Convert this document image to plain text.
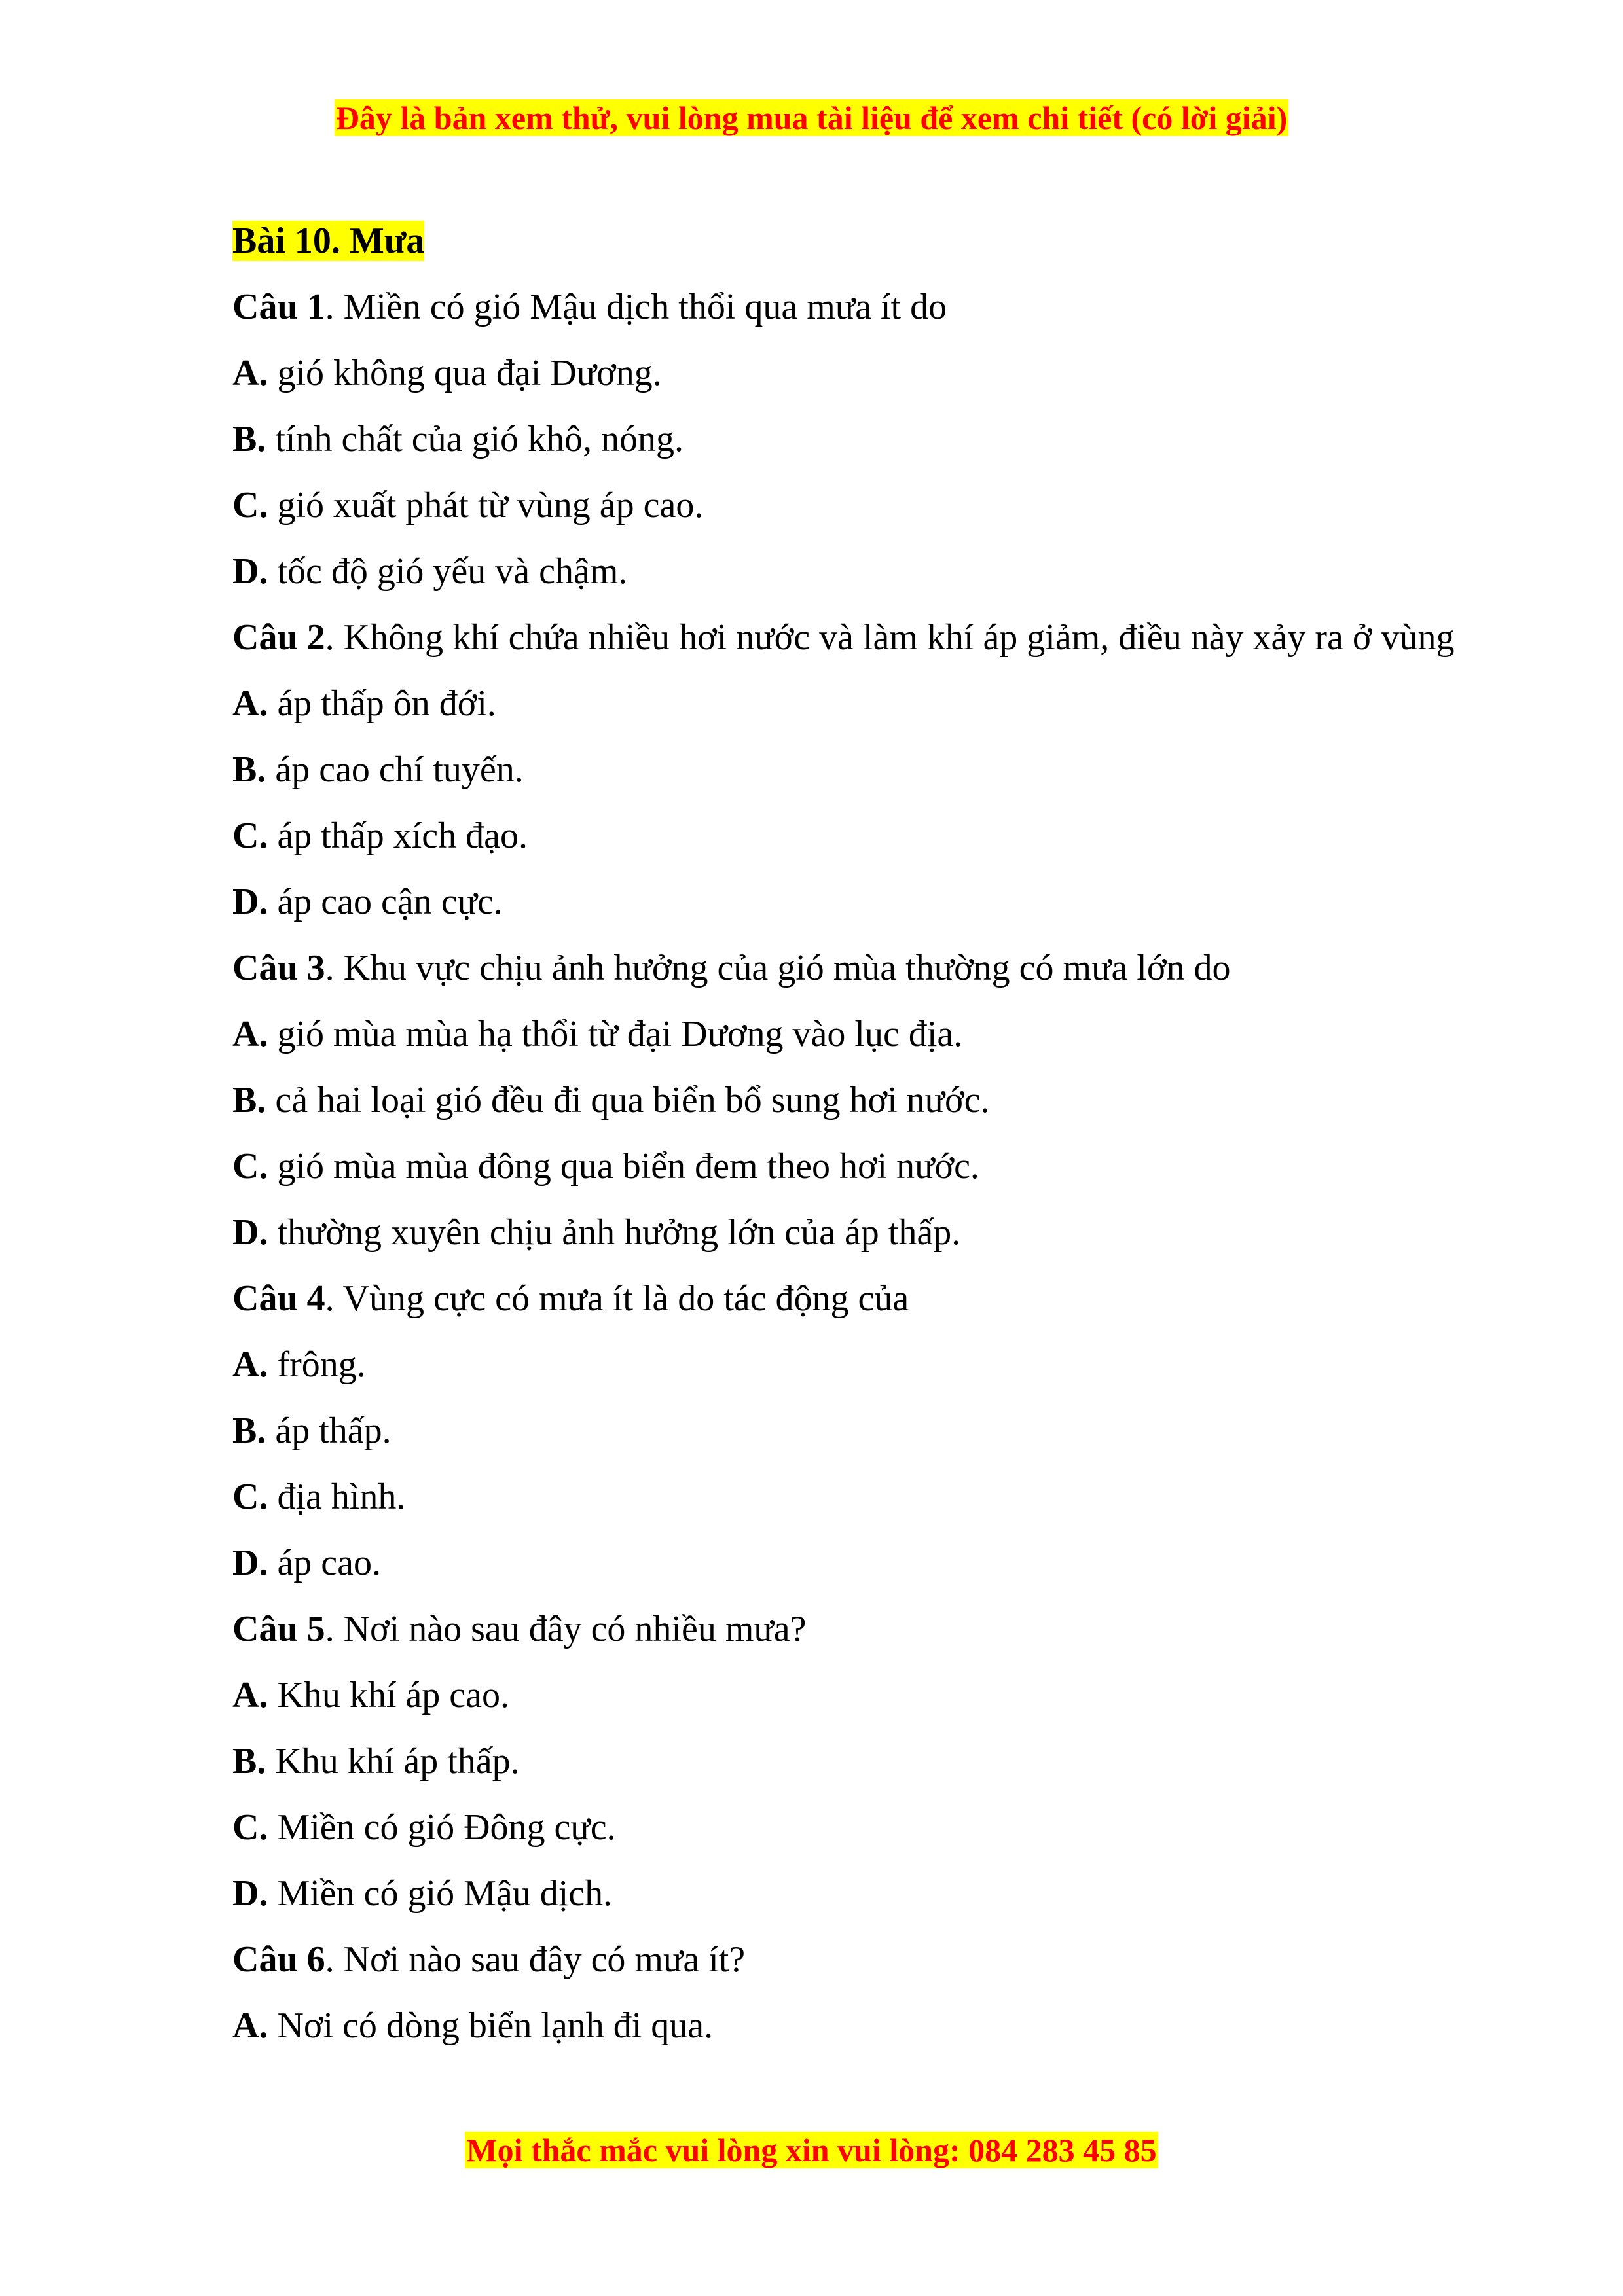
Đây là bản xem thử, vui lòng mua tài liệu để xem chi tiết (có lời giải)
Bài 10. Mưa
Câu 1. Miền có gió Mậu dịch thổi qua mưa ít do
A. gió không qua đại Dương.
B. tính chất của gió khô, nóng.
C. gió xuất phát từ vùng áp cao.
D. tốc độ gió yếu và chậm.
Câu 2. Không khí chứa nhiều hơi nước và làm khí áp giảm, điều này xảy ra ở vùng
A. áp thấp ôn đới.
B. áp cao chí tuyến.
C. áp thấp xích đạo.
D. áp cao cận cực.
Câu 3. Khu vực chịu ảnh hưởng của gió mùa thường có mưa lớn do
A. gió mùa mùa hạ thổi từ đại Dương vào lục địa.
B. cả hai loại gió đều đi qua biển bổ sung hơi nước.
C. gió mùa mùa đông qua biển đem theo hơi nước.
D. thường xuyên chịu ảnh hưởng lớn của áp thấp.
Câu 4. Vùng cực có mưa ít là do tác động của
A. frông.
B. áp thấp.
C. địa hình.
D. áp cao.
Câu 5. Nơi nào sau đây có nhiều mưa?
A. Khu khí áp cao.
B. Khu khí áp thấp.
C. Miền có gió Đông cực.
D. Miền có gió Mậu dịch.
Câu 6. Nơi nào sau đây có mưa ít?
A. Nơi có dòng biển lạnh đi qua.
Mọi thắc mắc vui lòng xin vui lòng: 084 283 45 85
